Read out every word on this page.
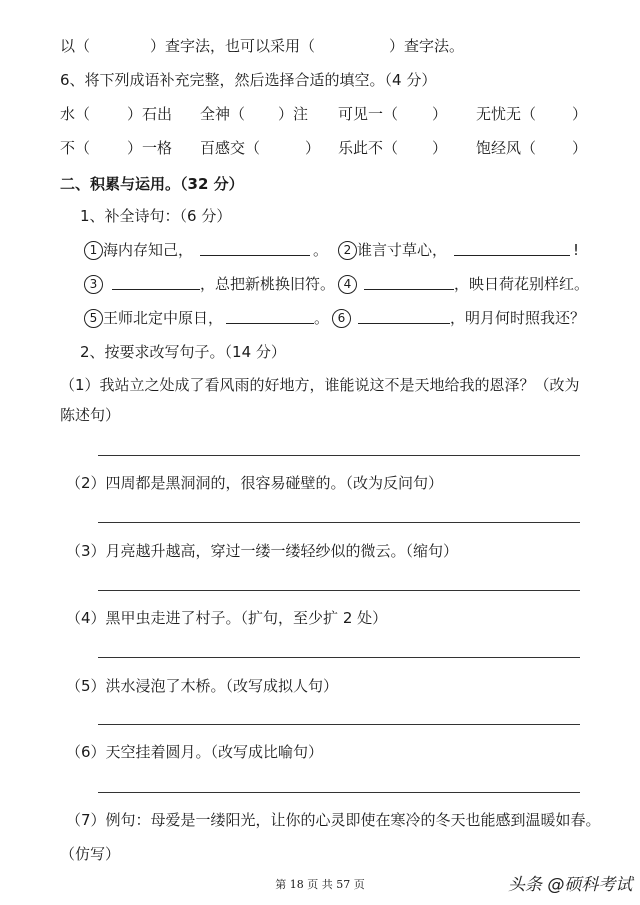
以（	）查字法，也可以采用（	）查字法。
6、将下列成语补充完整，然后选择合适的填空。（4 分）
水（ ）石出 全神（ ）注 可见一（ ） 无忧无（ ）
不（ ）一格 百感交（	） 乐此不（ ） 饱经风（ ）
二、积累与运用。（32 分）
1、补全诗句：（6 分）
1 海内存知己，	。	2 谁言寸草心，	!
3	，总把新桃换旧符。 4	，映日荷花别样红。
5 王师北定中原日，	。 6	，明月何时照我还？
2、按要求改写句子。（14 分）
（1）我站立之处成了看风雨的好地方，谁能说这不是天地给我的恩泽？（改为
陈述句）
（2）四周都是黑洞洞的，很容易碰壁的。（改为反问句）
（3）月亮越升越高，穿过一缕一缕轻纱似的微云。（缩句）
（4）黑甲虫走进了村子。（扩句，至少扩 2 处）
（5）洪水浸泡了木桥。（改写成拟人句）
（6）天空挂着圆月。（改写成比喻句）
（7）例句：母爱是一缕阳光，让你的心灵即使在寒冷的冬天也能感到温暖如春。
（仿写）
第 18 页 共 57 页	头条 @硕科考试
